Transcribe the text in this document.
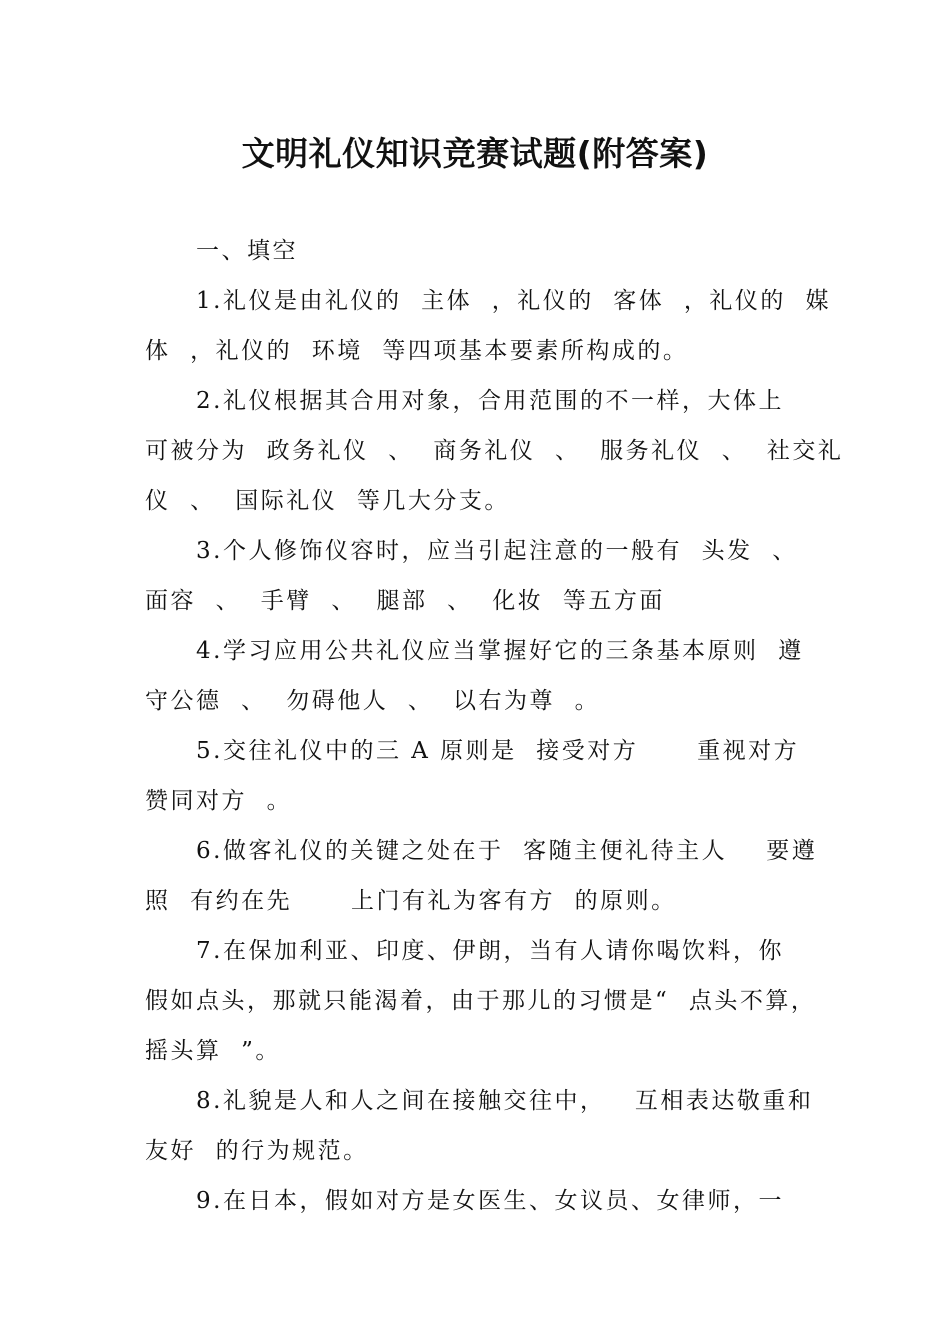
文明礼仪知识竞赛试题(附答案)
一、填空
1.礼仪是由礼仪的  主体  ，礼仪的  客体  ，礼仪的  媒
体  ，礼仪的  环境  等四项基本要素所构成的。
2.礼仪根据其合用对象，合用范围的不一样，大体上
可被分为  政务礼仪  、  商务礼仪  、  服务礼仪  、  社交礼
仪  、  国际礼仪  等几大分支。
3.个人修饰仪容时，应当引起注意的一般有  头发  、
面容  、  手臂  、  腿部  、  化妆  等五方面
4.学习应用公共礼仪应当掌握好它的三条基本原则  遵
守公德  、  勿碍他人  、  以右为尊  。
5.交往礼仪中的三 A 原则是  接受对方      重视对方
赞同对方  。
6.做客礼仪的关键之处在于  客随主便礼待主人    要遵
照  有约在先      上门有礼为客有方  的原则。
7.在保加利亚、印度、伊朗，当有人请你喝饮料，你
假如点头，那就只能渴着，由于那儿的习惯是“  点头不算，
摇头算  ”。
8.礼貌是人和人之间在接触交往中，   互相表达敬重和
友好  的行为规范。
9.在日本，假如对方是女医生、女议员、女律师，一
